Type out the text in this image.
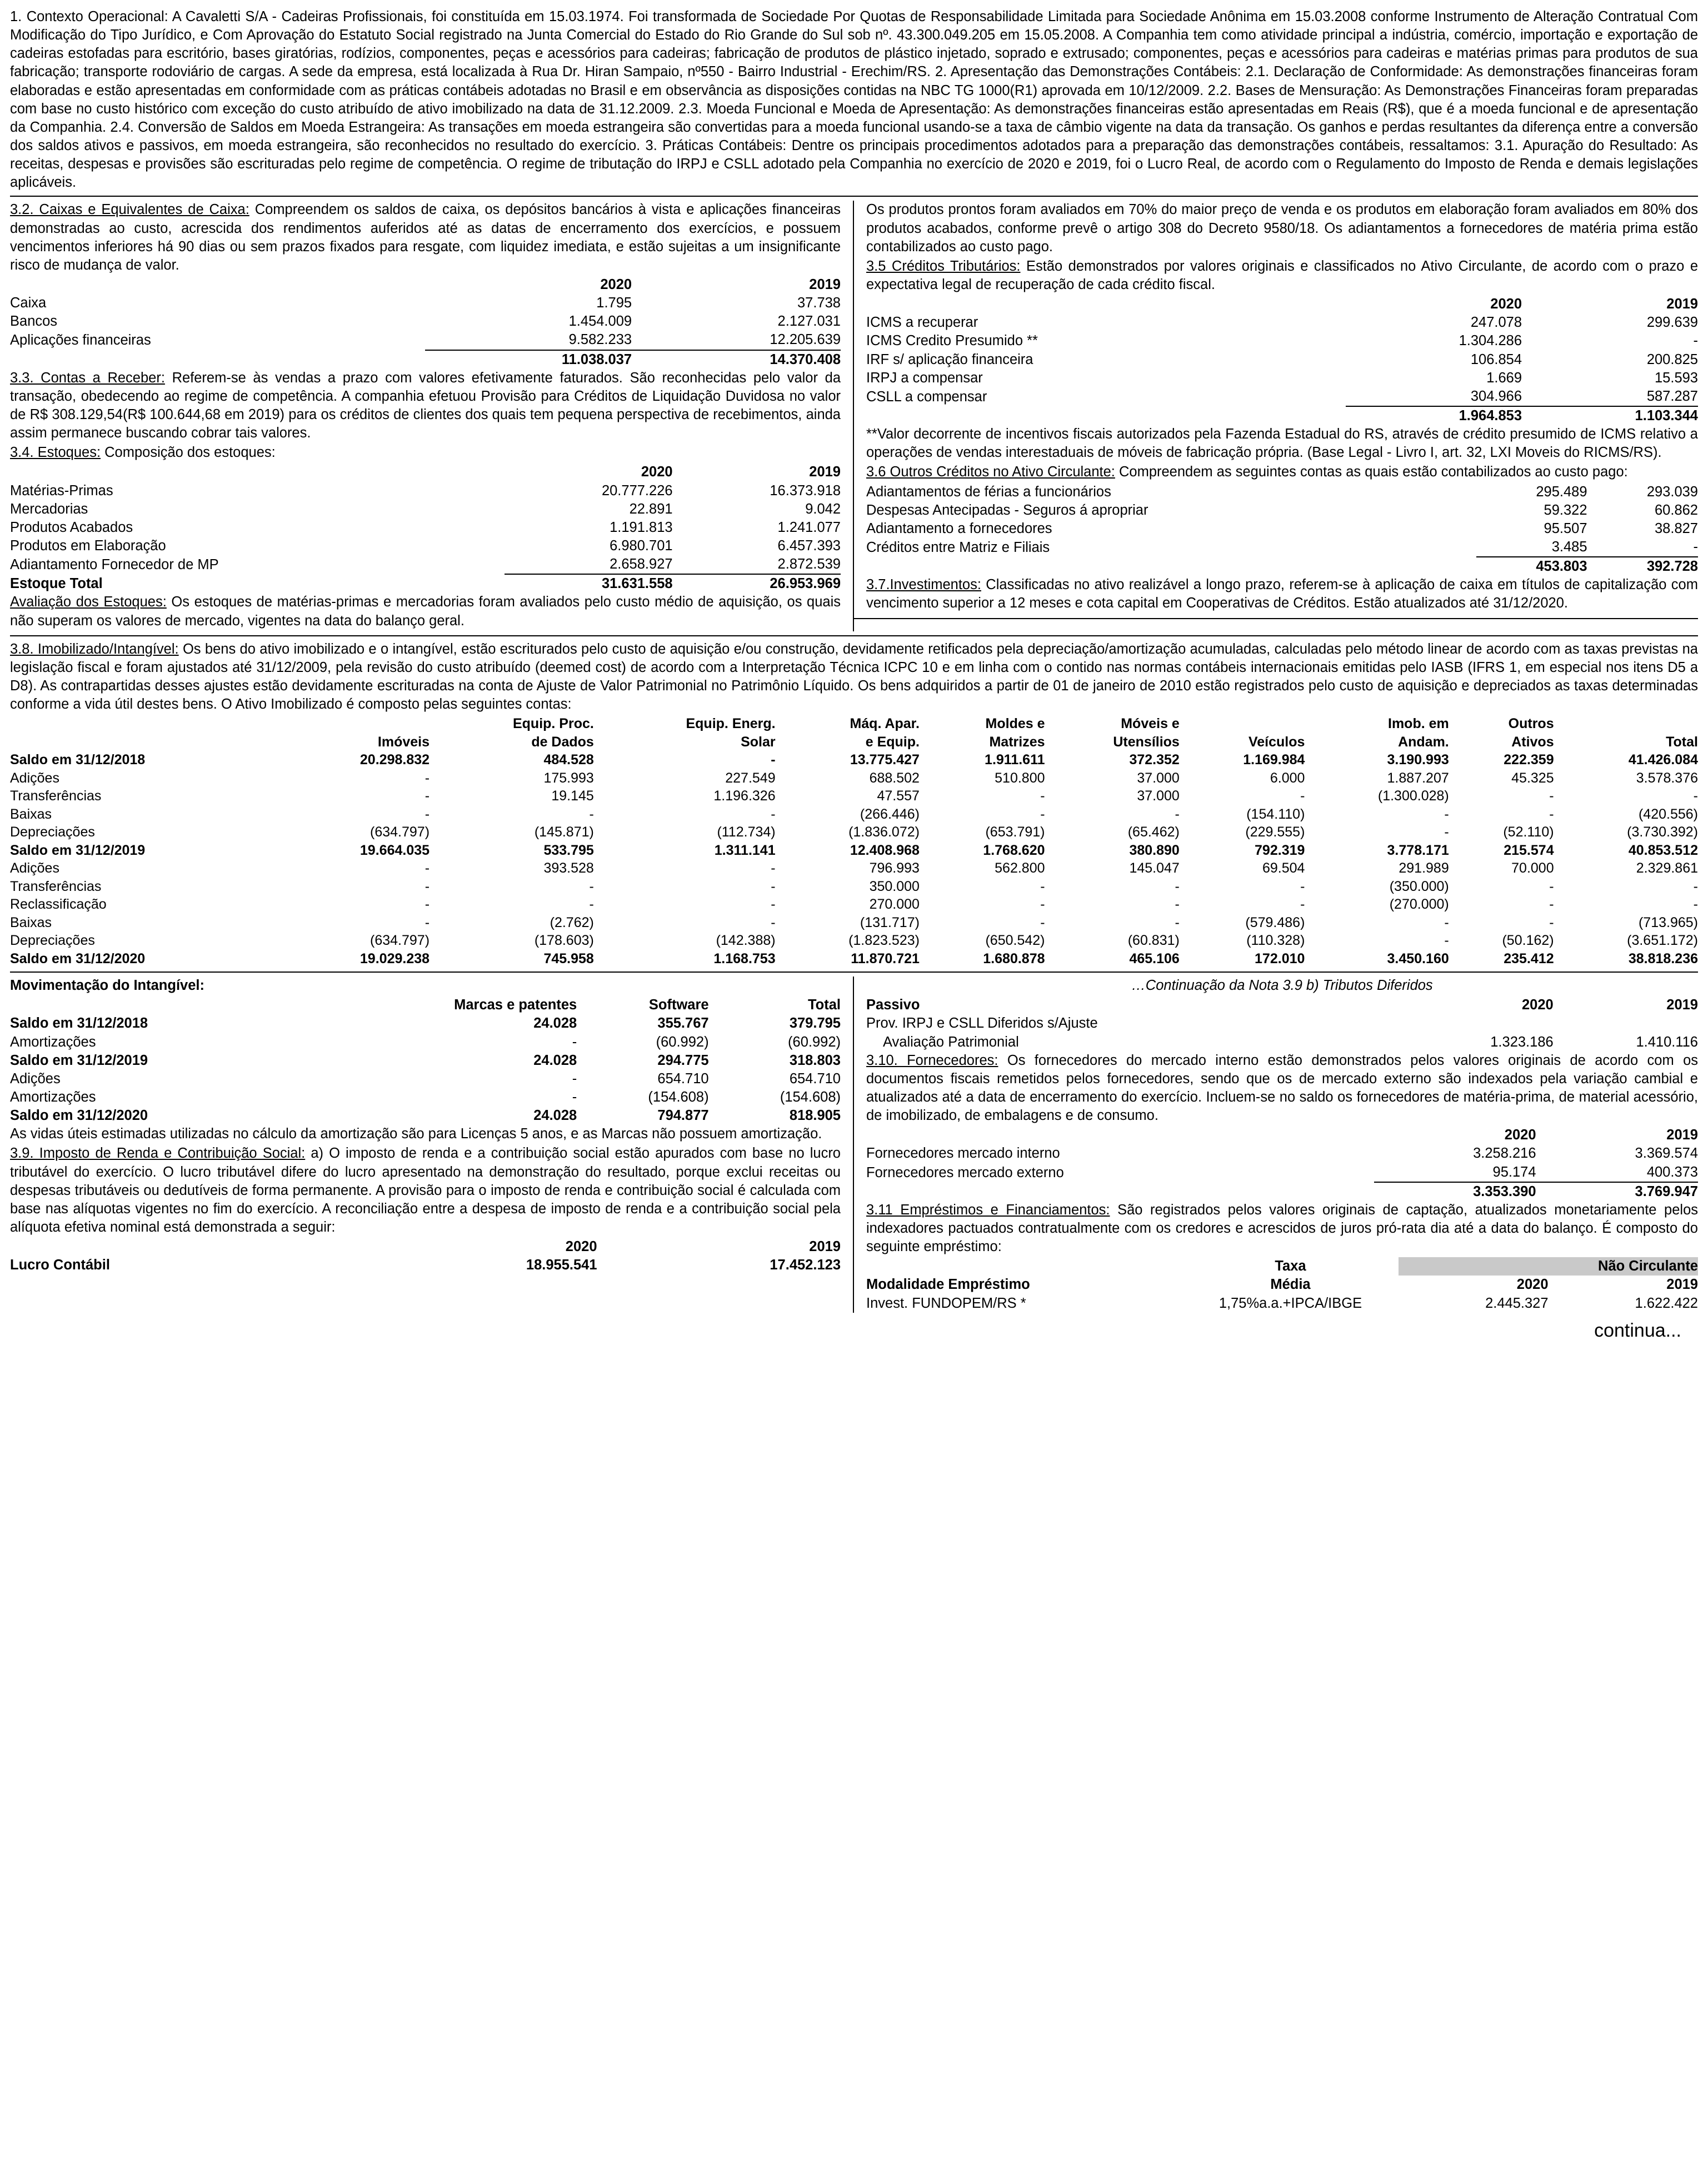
1. Contexto Operacional: A Cavaletti S/A - Cadeiras Profissionais, foi constituída em 15.03.1974. Foi transformada de Sociedade Por Quotas de Responsabilidade Limitada para Sociedade Anônima em 15.03.2008 conforme Instrumento de Alteração Contratual Com Modificação do Tipo Jurídico, e Com Aprovação do Estatuto Social registrado na Junta Comercial do Estado do Rio Grande do Sul sob nº. 43.300.049.205 em 15.05.2008. A Companhia tem como atividade principal a indústria, comércio, importação e exportação de cadeiras estofadas para escritório, bases giratórias, rodízios, componentes, peças e acessórios para cadeiras; fabricação de produtos de plástico injetado, soprado e extrusado; componentes, peças e acessórios para cadeiras e matérias primas para produtos de sua fabricação; transporte rodoviário de cargas. A sede da empresa, está localizada à Rua Dr. Hiran Sampaio, nº550 - Bairro Industrial - Erechim/RS. 2. Apresentação das Demonstrações Contábeis: 2.1. Declaração de Conformidade: As demonstrações financeiras foram elaboradas e estão apresentadas em conformidade com as práticas contábeis adotadas no Brasil e em observância as disposições contidas na NBC TG 1000(R1) aprovada em 10/12/2009. 2.2. Bases de Mensuração: As Demonstrações Financeiras foram preparadas com base no custo histórico com exceção do custo atribuído de ativo imobilizado na data de 31.12.2009. 2.3. Moeda Funcional e Moeda de Apresentação: As demonstrações financeiras estão apresentadas em Reais (R$), que é a moeda funcional e de apresentação da Companhia. 2.4. Conversão de Saldos em Moeda Estrangeira: As transações em moeda estrangeira são convertidas para a moeda funcional usando-se a taxa de câmbio vigente na data da transação. Os ganhos e perdas resultantes da diferença entre a conversão dos saldos ativos e passivos, em moeda estrangeira, são reconhecidos no resultado do exercício. 3. Práticas Contábeis: Dentre os principais procedimentos adotados para a preparação das demonstrações contábeis, ressaltamos: 3.1. Apuração do Resultado: As receitas, despesas e provisões são escrituradas pelo regime de competência. O regime de tributação do IRPJ e CSLL adotado pela Companhia no exercício de 2020 e 2019, foi o Lucro Real, de acordo com o Regulamento do Imposto de Renda e demais legislações aplicáveis.
3.2. Caixas e Equivalentes de Caixa: Compreendem os saldos de caixa, os depósitos bancários à vista e aplicações financeiras demonstradas ao custo, acrescida dos rendimentos auferidos até as datas de encerramento dos exercícios, e possuem vencimentos inferiores há 90 dias ou sem prazos fixados para resgate, com liquidez imediata, e estão sujeitas a um insignificante risco de mudança de valor.
	2020	2019
Caixa	1.795	37.738
Bancos	1.454.009	2.127.031
Aplicações financeiras	9.582.233	12.205.639
	11.038.037	14.370.408
3.3. Contas a Receber: Referem-se às vendas a prazo com valores efetivamente faturados. São reconhecidas pelo valor da transação, obedecendo ao regime de competência. A companhia efetuou Provisão para Créditos de Liquidação Duvidosa no valor de R$ 308.129,54(R$ 100.644,68 em 2019) para os créditos de clientes dos quais tem pequena perspectiva de recebimentos, ainda assim permanece buscando cobrar tais valores.
3.4. Estoques: Composição dos estoques:
	2020	2019
Matérias-Primas	20.777.226	16.373.918
Mercadorias	22.891	9.042
Produtos Acabados	1.191.813	1.241.077
Produtos em Elaboração	6.980.701	6.457.393
Adiantamento Fornecedor de MP	2.658.927	2.872.539
Estoque Total	31.631.558	26.953.969
Avaliação dos Estoques: Os estoques de matérias-primas e mercadorias foram avaliados pelo custo médio de aquisição, os quais não superam os valores de mercado, vigentes na data do balanço geral.
Os produtos prontos foram avaliados em 70% do maior preço de venda e os produtos em elaboração foram avaliados em 80% dos produtos acabados, conforme prevê o artigo 308 do Decreto 9580/18. Os adiantamentos a fornecedores de matéria prima estão contabilizados ao custo pago.
3.5 Créditos Tributários: Estão demonstrados por valores originais e classificados no Ativo Circulante, de acordo com o prazo e expectativa legal de recuperação de cada crédito fiscal.
	2020	2019
ICMS a recuperar	247.078	299.639
ICMS Credito Presumido **	1.304.286	-
IRF s/ aplicação financeira	106.854	200.825
IRPJ a compensar	1.669	15.593
CSLL a compensar	304.966	587.287
	1.964.853	1.103.344
**Valor decorrente de incentivos fiscais autorizados pela Fazenda Estadual do RS, através de crédito presumido de ICMS relativo a operações de vendas interestaduais de móveis de fabricação própria. (Base Legal - Livro I, art. 32, LXI Moveis do RICMS/RS).
3.6 Outros Créditos no Ativo Circulante: Compreendem as seguintes contas as quais estão contabilizados ao custo pago:
Adiantamentos de férias a funcionários	295.489	293.039
Despesas Antecipadas - Seguros á apropriar	59.322	60.862
Adiantamento a fornecedores	95.507	38.827
Créditos entre Matriz e Filiais	3.485	-
	453.803	392.728
3.7.Investimentos: Classificadas no ativo realizável a longo prazo, referem-se à aplicação de caixa em títulos de capitalização com vencimento superior a 12 meses e cota capital em Cooperativas de Créditos. Estão atualizados até 31/12/2020.

3.8. Imobilizado/Intangível: Os bens do ativo imobilizado e o intangível, estão escriturados pelo custo de aquisição e/ou construção, devidamente retificados pela depreciação/amortização acumuladas, calculadas pelo método linear de acordo com as taxas previstas na legislação fiscal e foram ajustados até 31/12/2009, pela revisão do custo atribuído (deemed cost) de acordo com a Interpretação Técnica ICPC 10 e em linha com o contido nas normas contábeis internacionais emitidas pelo IASB (IFRS 1, em especial nos itens D5 a D8). As contrapartidas desses ajustes estão devidamente escrituradas na conta de Ajuste de Valor Patrimonial no Patrimônio Líquido. Os bens adquiridos a partir de 01 de janeiro de 2010 estão registrados pelo custo de aquisição e depreciados as taxas determinadas conforme a vida útil destes bens. O Ativo Imobilizado é composto pelas seguintes contas:
		Equip. Proc.	Equip. Energ.	Máq. Apar.	Moldes e	Móveis e		Imob. em	Outros	
	Imóveis	de Dados	Solar	e Equip.	Matrizes	Utensílios	Veículos	Andam.	Ativos	Total
Saldo em 31/12/2018	20.298.832	484.528	-	13.775.427	1.911.611	372.352	1.169.984	3.190.993	222.359	41.426.084
Adições	-	175.993	227.549	688.502	510.800	37.000	6.000	1.887.207	45.325	3.578.376
Transferências	-	19.145	1.196.326	47.557	-	37.000	-	(1.300.028)	-	-
Baixas	-	-	-	(266.446)	-	-	(154.110)	-	-	(420.556)
Depreciações	(634.797)	(145.871)	(112.734)	(1.836.072)	(653.791)	(65.462)	(229.555)	-	(52.110)	(3.730.392)
Saldo em 31/12/2019	19.664.035	533.795	1.311.141	12.408.968	1.768.620	380.890	792.319	3.778.171	215.574	40.853.512
Adições	-	393.528	-	796.993	562.800	145.047	69.504	291.989	70.000	2.329.861
Transferências	-	-	-	350.000	-	-	-	(350.000)	-	-
Reclassificação	-	-	-	270.000	-	-	-	(270.000)	-	-
Baixas	-	(2.762)	-	(131.717)	-	-	(579.486)	-	-	(713.965)
Depreciações	(634.797)	(178.603)	(142.388)	(1.823.523)	(650.542)	(60.831)	(110.328)	-	(50.162)	(3.651.172)
Saldo em 31/12/2020	19.029.238	745.958	1.168.753	11.870.721	1.680.878	465.106	172.010	3.450.160	235.412	38.818.236
Movimentação do Intangível:
	Marcas e patentes	Software	Total
Saldo em 31/12/2018	24.028	355.767	379.795
Amortizações	-	(60.992)	(60.992)
Saldo em 31/12/2019	24.028	294.775	318.803
Adições	-	654.710	654.710
Amortizações	-	(154.608)	(154.608)
Saldo em 31/12/2020	24.028	794.877	818.905
As vidas úteis estimadas utilizadas no cálculo da amortização são para Licenças 5 anos, e as Marcas não possuem amortização.
3.9. Imposto de Renda e Contribuição Social: a) O imposto de renda e a contribuição social estão apurados com base no lucro tributável do exercício. O lucro tributável difere do lucro apresentado na demonstração do resultado, porque exclui receitas ou despesas tributáveis ou dedutíveis de forma permanente. A provisão para o imposto de renda e contribuição social é calculada com base nas alíquotas vigentes no fim do exercício. A reconciliação entre a despesa de imposto de renda e a contribuição social pela alíquota efetiva nominal está demonstrada a seguir:
	2020	2019
Lucro Contábil	18.955.541	17.452.123
…Continuação da Nota 3.9 b) Tributos Diferidos
Passivo	2020	2019
Prov. IRPJ e CSLL Diferidos s/Ajuste		
Avaliação Patrimonial	1.323.186	1.410.116
3.10. Fornecedores: Os fornecedores do mercado interno estão demonstrados pelos valores originais de acordo com os documentos fiscais remetidos pelos fornecedores, sendo que os de mercado externo são indexados pela variação cambial e atualizados até a data de encerramento do exercício. Incluem-se no saldo os fornecedores de matéria-prima, de material acessório, de imobilizado, de embalagens e de consumo.
	2020	2019
Fornecedores mercado interno	3.258.216	3.369.574
Fornecedores mercado externo	95.174	400.373
	3.353.390	3.769.947
3.11 Empréstimos e Financiamentos: São registrados pelos valores originais de captação, atualizados monetariamente pelos indexadores pactuados contratualmente com os credores e acrescidos de juros pró-rata dia até a data do balanço. É composto do seguinte empréstimo:
	Taxa	Não Circulante	
Modalidade Empréstimo	Média	2020	2019
Invest. FUNDOPEM/RS *	1,75%a.a.+IPCA/IBGE	2.445.327	1.622.422
continua...
